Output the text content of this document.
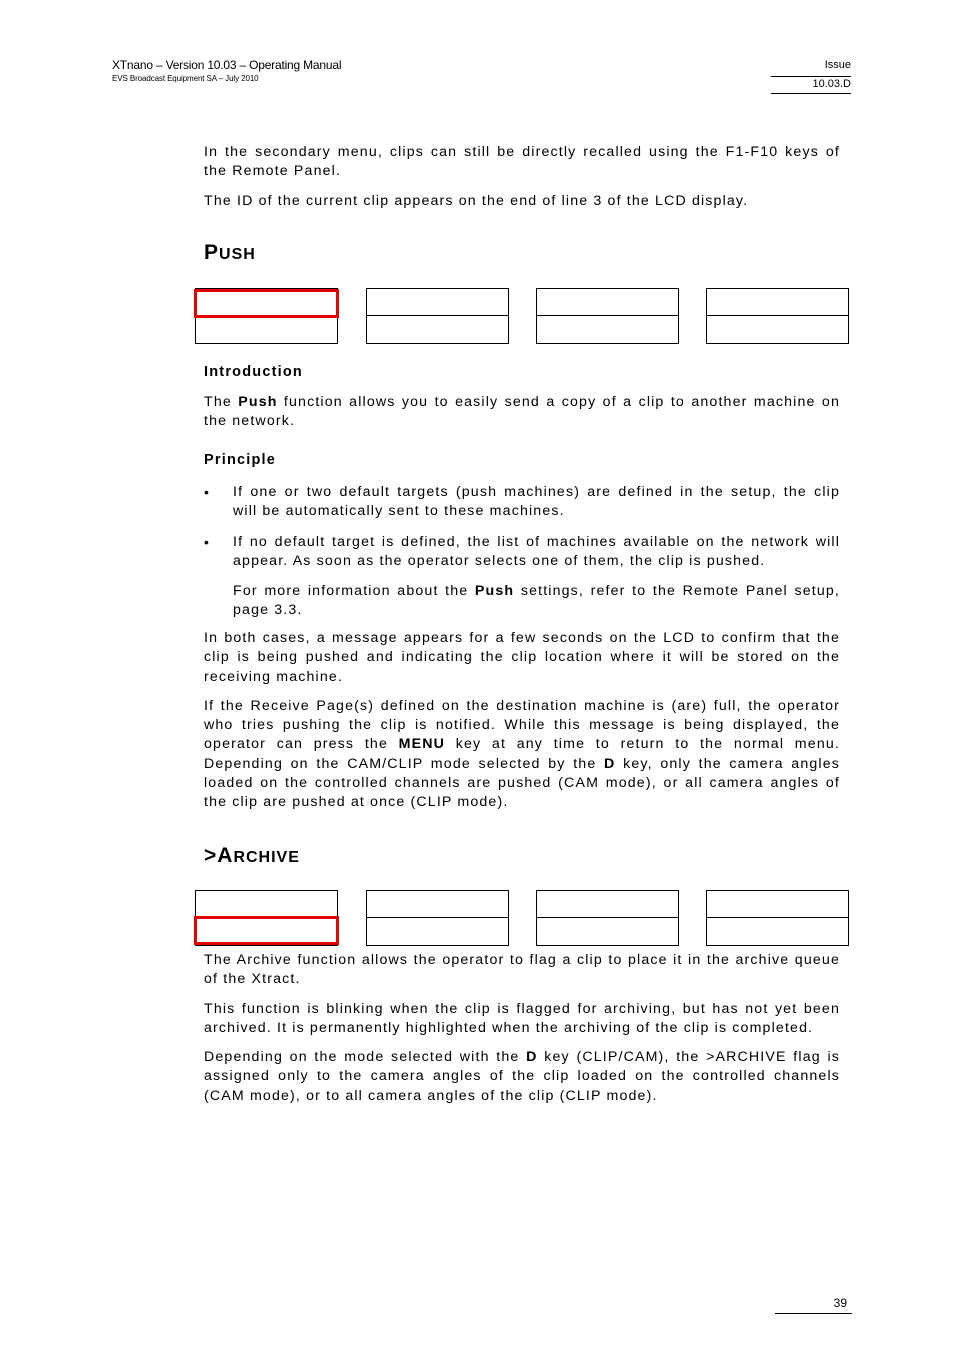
XTnano – Version 10.03 – Operating Manual
EVS Broadcast Equipment SA – July 2010
Issue
10.03.D

In the secondary menu, clips can still be directly recalled using the F1-F10 keys of the Remote Panel.

The ID of the current clip appears on the end of line 3 of the LCD display.

PUSH
Introduction

The Push function allows you to easily send a copy of a clip to another machine on the network.

Principle
• If one or two default targets (push machines) are defined in the setup, the clip will be automatically sent to these machines.

• If no default target is defined, the list of machines available on the network will appear. As soon as the operator selects one of them, the clip is pushed.

For more information about the Push settings, refer to the Remote Panel setup, page 3.3.

In both cases, a message appears for a few seconds on the LCD to confirm that the clip is being pushed and indicating the clip location where it will be stored on the receiving machine.

If the Receive Page(s) defined on the destination machine is (are) full, the operator who tries pushing the clip is notified. While this message is being displayed, the operator can press the MENU key at any time to return to the normal menu. Depending on the CAM/CLIP mode selected by the D key, only the camera angles loaded on the controlled channels are pushed (CAM mode), or all camera angles of the clip are pushed at once (CLIP mode).

>ARCHIVE

The Archive function allows the operator to flag a clip to place it in the archive queue of the Xtract.

This function is blinking when the clip is flagged for archiving, but has not yet been archived. It is permanently highlighted when the archiving of the clip is completed.

Depending on the mode selected with the D key (CLIP/CAM), the >ARCHIVE flag is assigned only to the camera angles of the clip loaded on the controlled channels (CAM mode), or to all camera angles of the clip (CLIP mode).

39
